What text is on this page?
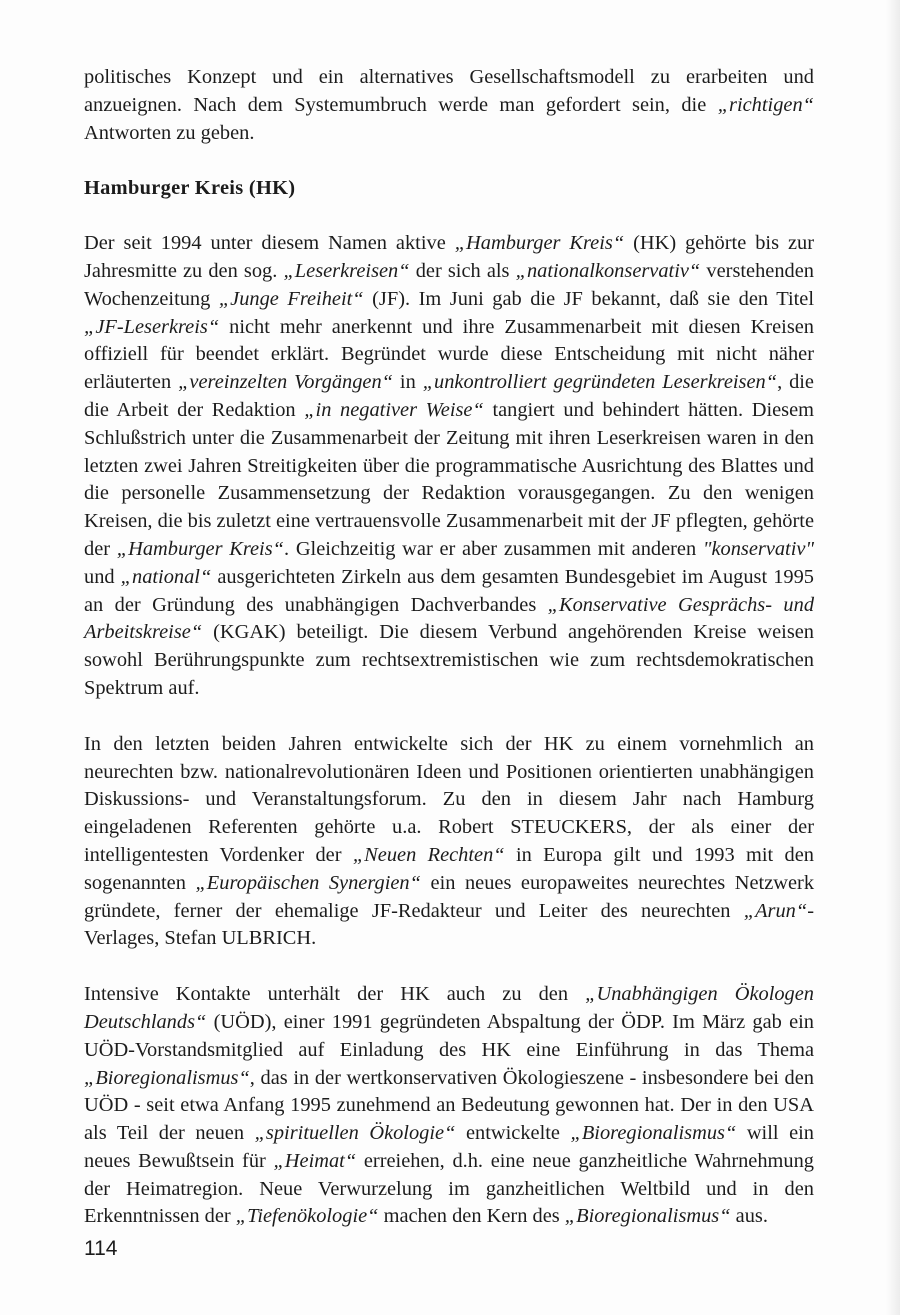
politisches Konzept und ein alternatives Gesellschaftsmodell zu erarbeiten und anzueignen. Nach dem Systemumbruch werde man gefordert sein, die „richtigen“ Antworten zu geben.

Hamburger Kreis (HK)

Der seit 1994 unter diesem Namen aktive „Hamburger Kreis“ (HK) gehörte bis zur Jahresmitte zu den sog. „Leserkreisen“ der sich als „nationalkonservativ“ verstehenden Wochenzeitung „Junge Freiheit“ (JF). Im Juni gab die JF bekannt, daß sie den Titel „JF-Leserkreis“ nicht mehr anerkennt und ihre Zusammenarbeit mit diesen Kreisen offiziell für beendet erklärt. Begründet wurde diese Entscheidung mit nicht näher erläuterten „vereinzelten Vorgängen“ in „unkontrolliert gegründeten Leserkreisen“, die die Arbeit der Redaktion „in negativer Weise“ tangiert und behindert hätten. Diesem Schlußstrich unter die Zusammenarbeit der Zeitung mit ihren Leserkreisen waren in den letzten zwei Jahren Streitigkeiten über die programmatische Ausrichtung des Blattes und die personelle Zusammensetzung der Redaktion vorausgegangen. Zu den wenigen Kreisen, die bis zuletzt eine vertrauensvolle Zusammenarbeit mit der JF pflegten, gehörte der „Hamburger Kreis“. Gleichzeitig war er aber zusammen mit anderen "konservativ" und „national“ ausgerichteten Zirkeln aus dem gesamten Bundesgebiet im August 1995 an der Gründung des unabhängigen Dachverbandes „Konservative Gesprächs- und Arbeitskreise“ (KGAK) beteiligt. Die diesem Verbund angehörenden Kreise weisen sowohl Berührungspunkte zum rechtsextremistischen wie zum rechtsdemokratischen Spektrum auf.

In den letzten beiden Jahren entwickelte sich der HK zu einem vornehmlich an neurechten bzw. nationalrevolutionären Ideen und Positionen orientierten unabhängigen Diskussions- und Veranstaltungsforum. Zu den in diesem Jahr nach Hamburg eingeladenen Referenten gehörte u.a. Robert STEUCKERS, der als einer der intelligentesten Vordenker der „Neuen Rechten“ in Europa gilt und 1993 mit den sogenannten „Europäischen Synergien“ ein neues europaweites neurechtes Netzwerk gründete, ferner der ehemalige JF-Redakteur und Leiter des neurechten „Arun“-Verlages, Stefan ULBRICH.

Intensive Kontakte unterhält der HK auch zu den „Unabhängigen Ökologen Deutschlands“ (UÖD), einer 1991 gegründeten Abspaltung der ÖDP. Im März gab ein UÖD-Vorstandsmitglied auf Einladung des HK eine Einführung in das Thema „Bioregionalismus“, das in der wertkonservativen Ökologieszene - insbesondere bei den UÖD - seit etwa Anfang 1995 zunehmend an Bedeutung gewonnen hat. Der in den USA als Teil der neuen „spirituellen Ökologie“ entwickelte „Bioregionalismus“ will ein neues Bewußtsein für „Heimat“ erreiehen, d.h. eine neue ganzheitliche Wahrnehmung der Heimatregion. Neue Verwurzelung im ganzheitlichen Weltbild und in den Erkenntnissen der „Tiefenökologie“ machen den Kern des „Bioregionalismus“ aus.

114
